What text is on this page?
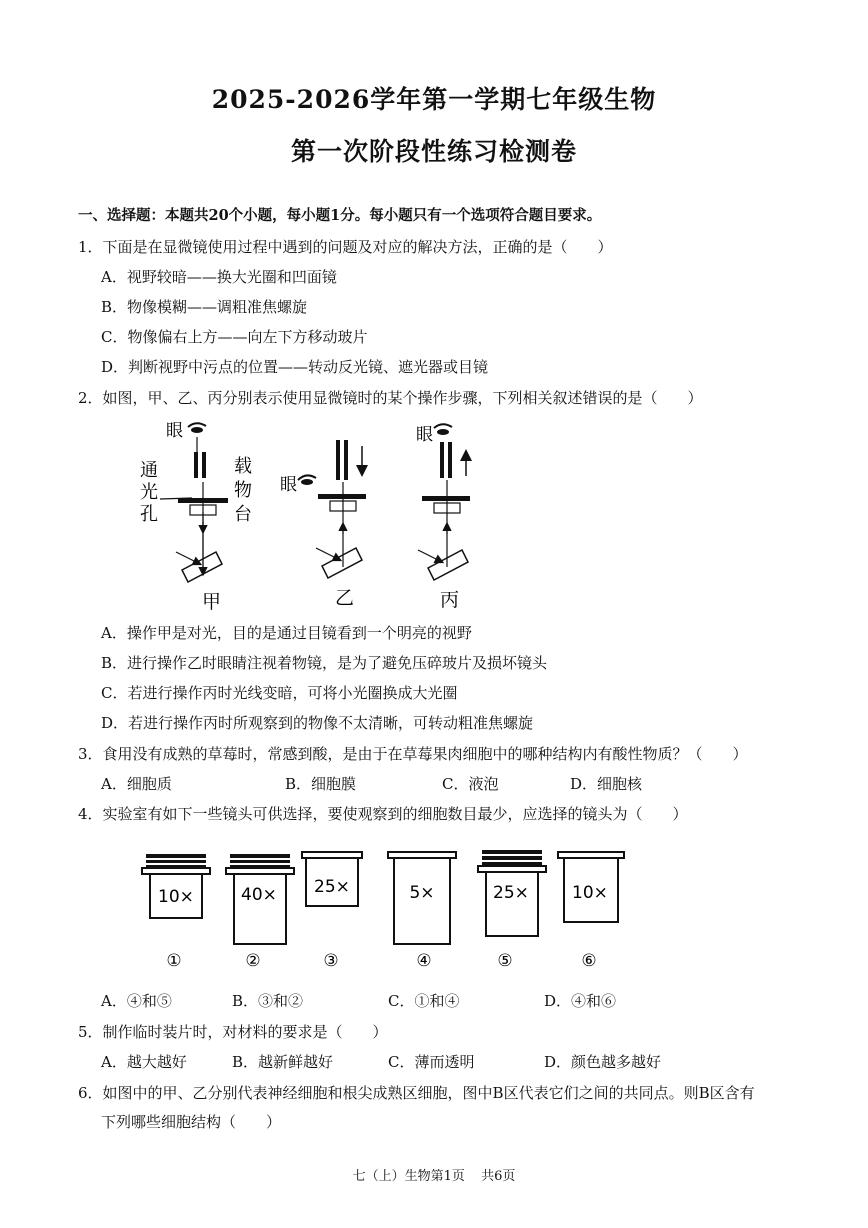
2025-2026学年第一学期七年级生物
第一次阶段性练习检测卷
一、选择题：本题共20个小题，每小题1分。每小题只有一个选项符合题目要求。
1．下面是在显微镜使用过程中遇到的问题及对应的解决方法，正确的是（　　）
A．视野较暗——换大光圈和凹面镜
B．物像模糊——调粗准焦螺旋
C．物像偏右上方——向左下方移动玻片
D．判断视野中污点的位置——转动反光镜、遮光器或目镜
2．如图，甲、乙、丙分别表示使用显微镜时的某个操作步骤，下列相关叙述错误的是（　　）
眼
通
光
孔
载
物
台
甲
眼
乙
眼
丙
A．操作甲是对光，目的是通过目镜看到一个明亮的视野
B．进行操作乙时眼睛注视着物镜，是为了避免压碎玻片及损坏镜头
C．若进行操作丙时光线变暗，可将小光圈换成大光圈
D．若进行操作丙时所观察到的物像不太清晰，可转动粗准焦螺旋
3．食用没有成熟的草莓时，常感到酸，是由于在草莓果肉细胞中的哪种结构内有酸性物质？（　　）
A．细胞质	B．细胞膜	C．液泡	D．细胞核
4．实验室有如下一些镜头可供选择，要使观察到的细胞数目最少，应选择的镜头为（　　）
10×
①
40×
②
25×
③
5×
④
25×
⑤
10×
⑥
A．④和⑤	B．③和②	C．①和④	D．④和⑥
5．制作临时装片时，对材料的要求是（　　）
A．越大越好	B．越新鲜越好	C．薄而透明	D．颜色越多越好
6．如图中的甲、乙分别代表神经细胞和根尖成熟区细胞，图中B区代表它们之间的共同点。则B区含有
下列哪些细胞结构（　　）
七（上）生物第1页 共6页
